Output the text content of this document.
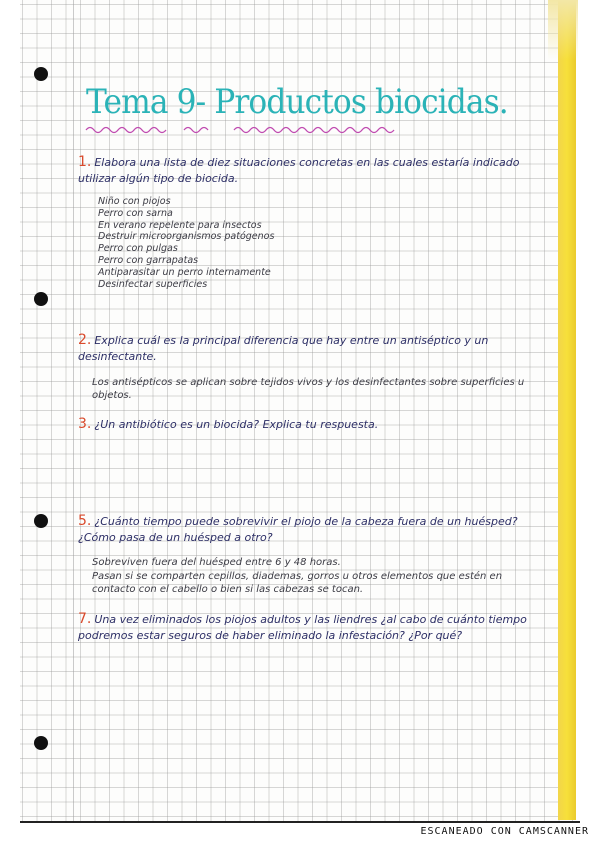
Tema 9- Productos biocidas.
1. Elabora una lista de diez situaciones concretas en las cuales estaría indicado utilizar algún tipo de biocida.
Niño con piojos
Perro con sarna
En verano repelente para insectos
Destruir microorganismos patógenos
Perro con pulgas
Perro con garrapatas
Antiparasitar un perro internamente
Desinfectar superficies
2. Explica cuál es la principal diferencia que hay entre un antiséptico y un desinfectante.
Los antisépticos se aplican sobre tejidos vivos y los desinfectantes sobre superficies u objetos.
3. ¿Un antibiótico es un biocida? Explica tu respuesta.
5. ¿Cuánto tiempo puede sobrevivir el piojo de la cabeza fuera de un huésped? ¿Cómo pasa de un huésped a otro?
Sobreviven fuera del huésped entre 6 y 48 horas.
Pasan si se comparten cepillos, diademas, gorros u otros elementos que estén en contacto con el cabello o bien si las cabezas se tocan.
7. Una vez eliminados los piojos adultos y las liendres ¿al cabo de cuánto tiempo podremos estar seguros de haber eliminado la infestación? ¿Por qué?
ESCANEADO CON CAMSCANNER
